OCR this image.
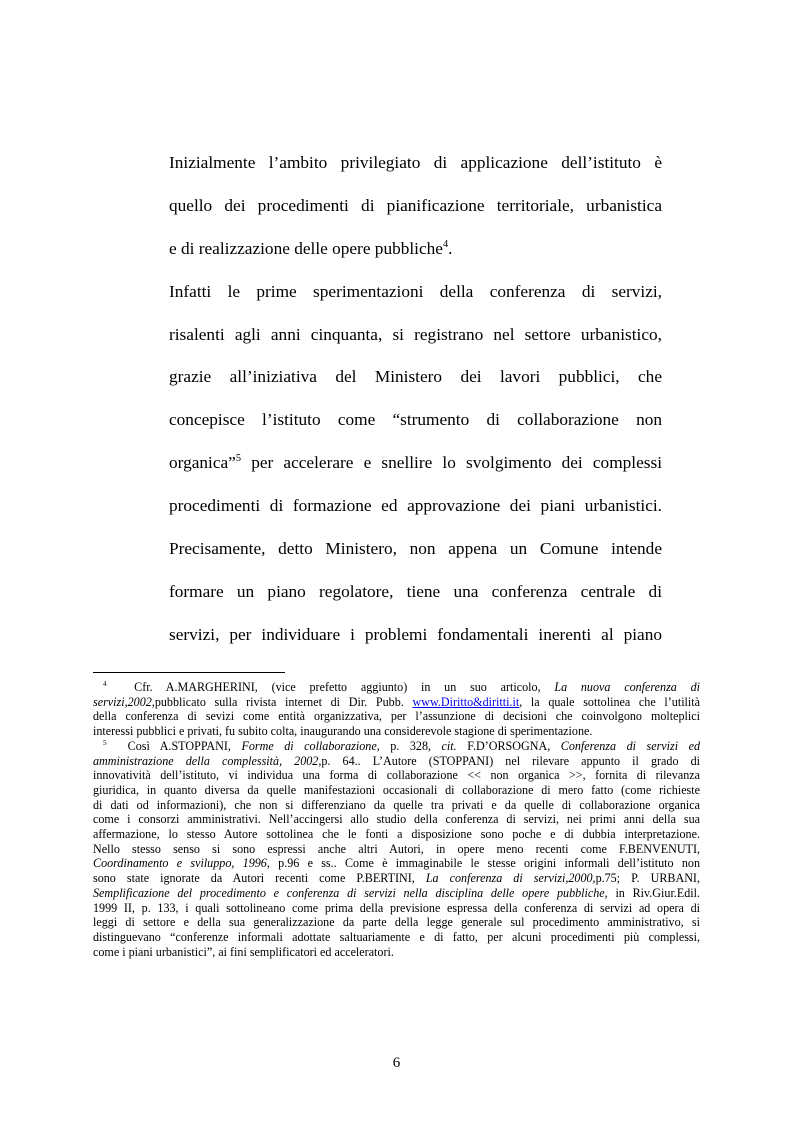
Inizialmente l’ambito privilegiato di applicazione dell’istituto è
quello dei procedimenti di pianificazione territoriale, urbanistica
e di realizzazione delle opere pubbliche$^4$.
Infatti le prime sperimentazioni della conferenza di servizi,
risalenti agli anni cinquanta, si registrano nel settore urbanistico,
grazie all’iniziativa del Ministero dei lavori pubblici, che
concepisce l’istituto come “strumento di collaborazione non
organica”$^5$ per accelerare e snellire lo svolgimento dei complessi
procedimenti di formazione ed approvazione dei piani urbanistici.
Precisamente, detto Ministero, non appena un Comune intende
formare un piano regolatore, tiene una conferenza centrale di
servizi, per individuare i problemi fondamentali inerenti al piano
$^4$ Cfr. A.MARGHERINI, (vice prefetto aggiunto) in un suo articolo, La nuova conferenza di
servizi,2002,pubblicato sulla rivista internet di Dir. Pubb. www.Diritto&diritti.it, la quale sottolinea che l’utilità
della conferenza di sevizi come entità organizzativa, per l’assunzione di decisioni che coinvolgono molteplici
interessi pubblici e privati, fu subito colta, inaugurando una considerevole stagione di sperimentazione.
$^5$ Così A.STOPPANI, Forme di collaborazione, p. 328, cit. F.D’ORSOGNA, Conferenza di servizi ed
amministrazione della complessità, 2002,p. 64.. L’Autore (STOPPANI) nel rilevare appunto il grado di
innovatività dell’istituto, vi individua una forma di collaborazione << non organica >>, fornita di rilevanza
giuridica, in quanto diversa da quelle manifestazioni occasionali di collaborazione di mero fatto (come richieste
di dati od informazioni), che non si differenziano da quelle tra privati e da quelle di collaborazione organica
come i consorzi amministrativi. Nell’accingersi allo studio della conferenza di servizi, nei primi anni della sua
affermazione, lo stesso Autore sottolinea che le fonti a disposizione sono poche e di dubbia interpretazione.
Nello stesso senso si sono espressi anche altri Autori, in opere meno recenti come F.BENVENUTI,
Coordinamento e sviluppo, 1996, p.96 e ss.. Come è immaginabile le stesse origini informali dell’istituto non
sono state ignorate da Autori recenti come P.BERTINI, La conferenza di servizi,2000,p.75; P. URBANI,
Semplificazione del procedimento e conferenza di servizi nella disciplina delle opere pubbliche, in Riv.Giur.Edil.
1999 II, p. 133, i quali sottolineano come prima della previsione espressa della conferenza di servizi ad opera di
leggi di settore e della sua generalizzazione da parte della legge generale sul procedimento amministrativo, si
distinguevano “conferenze informali adottate saltuariamente e di fatto, per alcuni procedimenti più complessi,
come i piani urbanistici”, ai fini semplificatori ed acceleratori.
6
